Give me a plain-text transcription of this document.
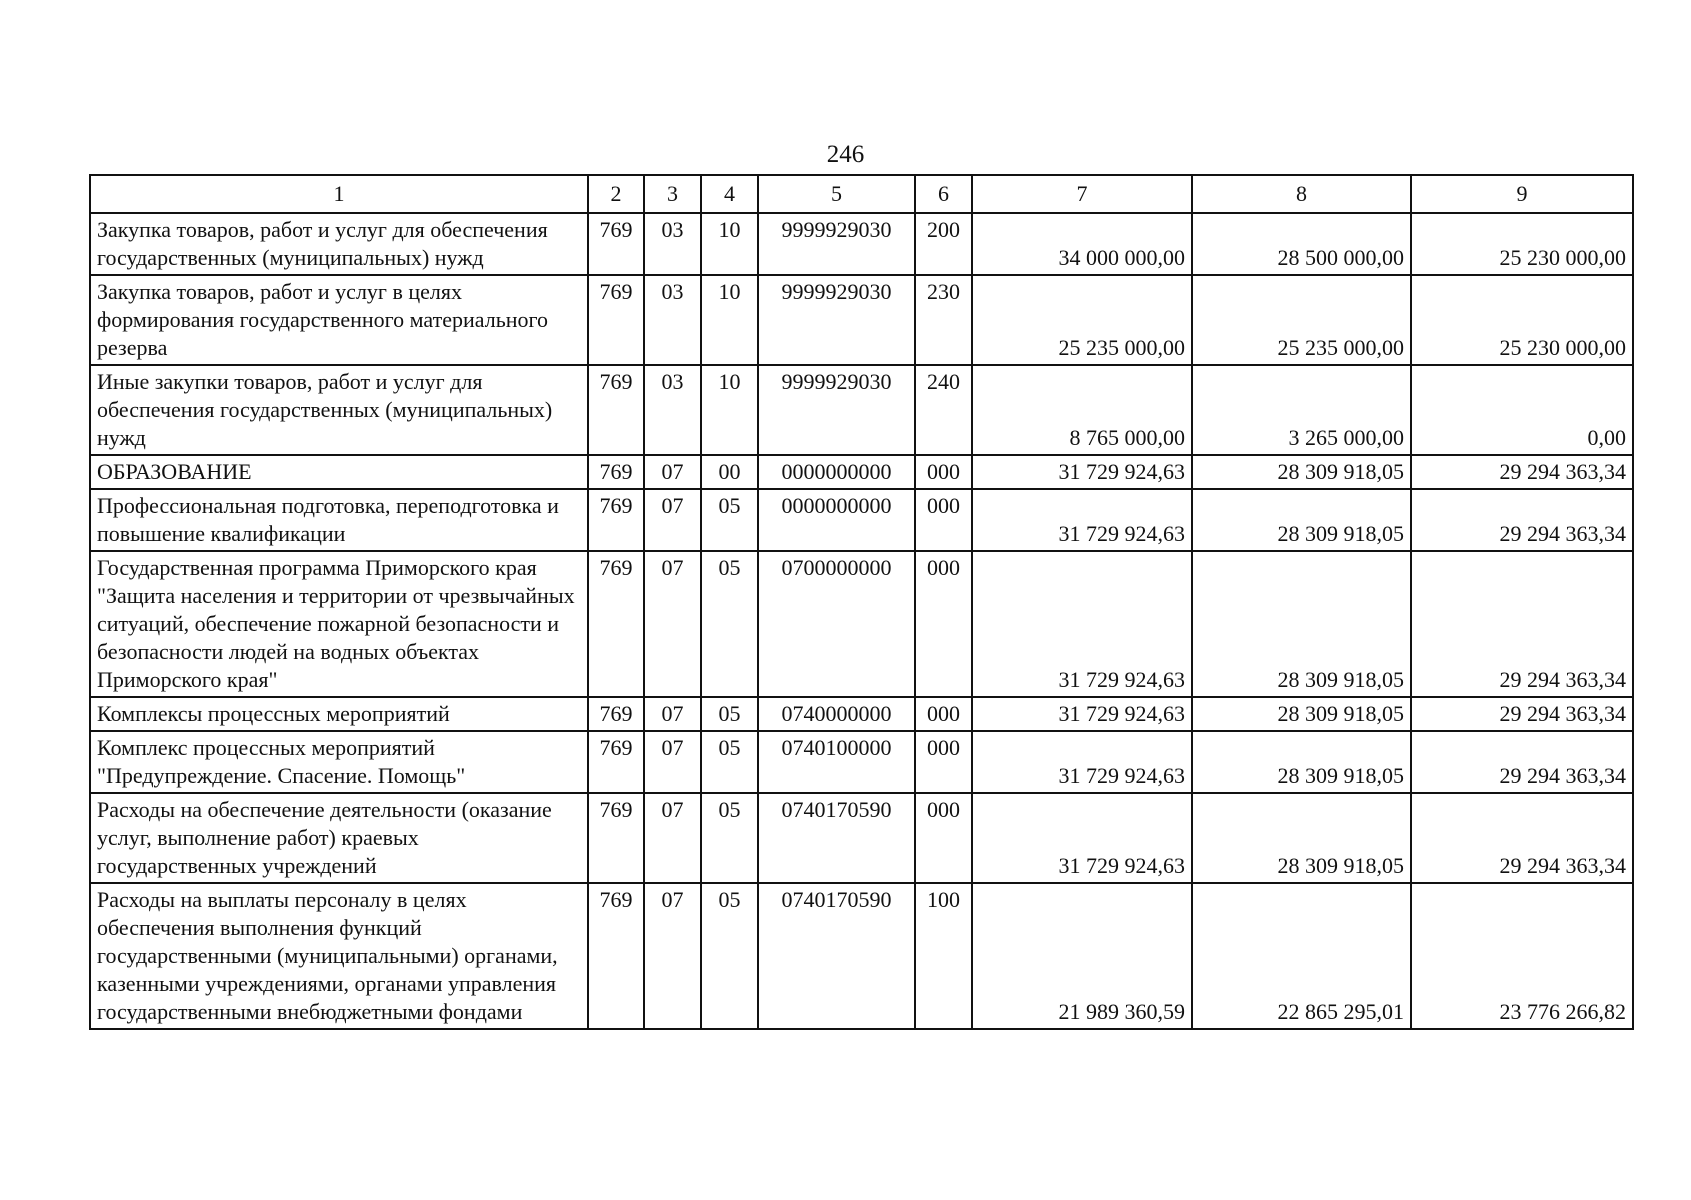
246
1	2	3	4	5	6	7	8	9
Закупка товаров, работ и услуг для обеспечения государственных (муниципальных) нужд	769	03	10	9999929030	200	34 000 000,00	28 500 000,00	25 230 000,00
Закупка товаров, работ и услуг в целях формирования государственного материального резерва	769	03	10	9999929030	230	25 235 000,00	25 235 000,00	25 230 000,00
Иные закупки товаров, работ и услуг для обеспечения государственных (муниципальных) нужд	769	03	10	9999929030	240	8 765 000,00	3 265 000,00	0,00
ОБРАЗОВАНИЕ	769	07	00	0000000000	000	31 729 924,63	28 309 918,05	29 294 363,34
Профессиональная подготовка, переподготовка и повышение квалификации	769	07	05	0000000000	000	31 729 924,63	28 309 918,05	29 294 363,34
Государственная программа Приморского края "Защита населения и территории от чрезвычайных ситуаций, обеспечение пожарной безопасности и безопасности людей на водных объектах Приморского края"	769	07	05	0700000000	000	31 729 924,63	28 309 918,05	29 294 363,34
Комплексы процессных мероприятий	769	07	05	0740000000	000	31 729 924,63	28 309 918,05	29 294 363,34
Комплекс процессных мероприятий "Предупреждение. Спасение. Помощь"	769	07	05	0740100000	000	31 729 924,63	28 309 918,05	29 294 363,34
Расходы на обеспечение деятельности (оказание услуг, выполнение работ) краевых государственных учреждений	769	07	05	0740170590	000	31 729 924,63	28 309 918,05	29 294 363,34
Расходы на выплаты персоналу в целях обеспечения выполнения функций государственными (муниципальными) органами, казенными учреждениями, органами управления государственными внебюджетными фондами	769	07	05	0740170590	100	21 989 360,59	22 865 295,01	23 776 266,82
